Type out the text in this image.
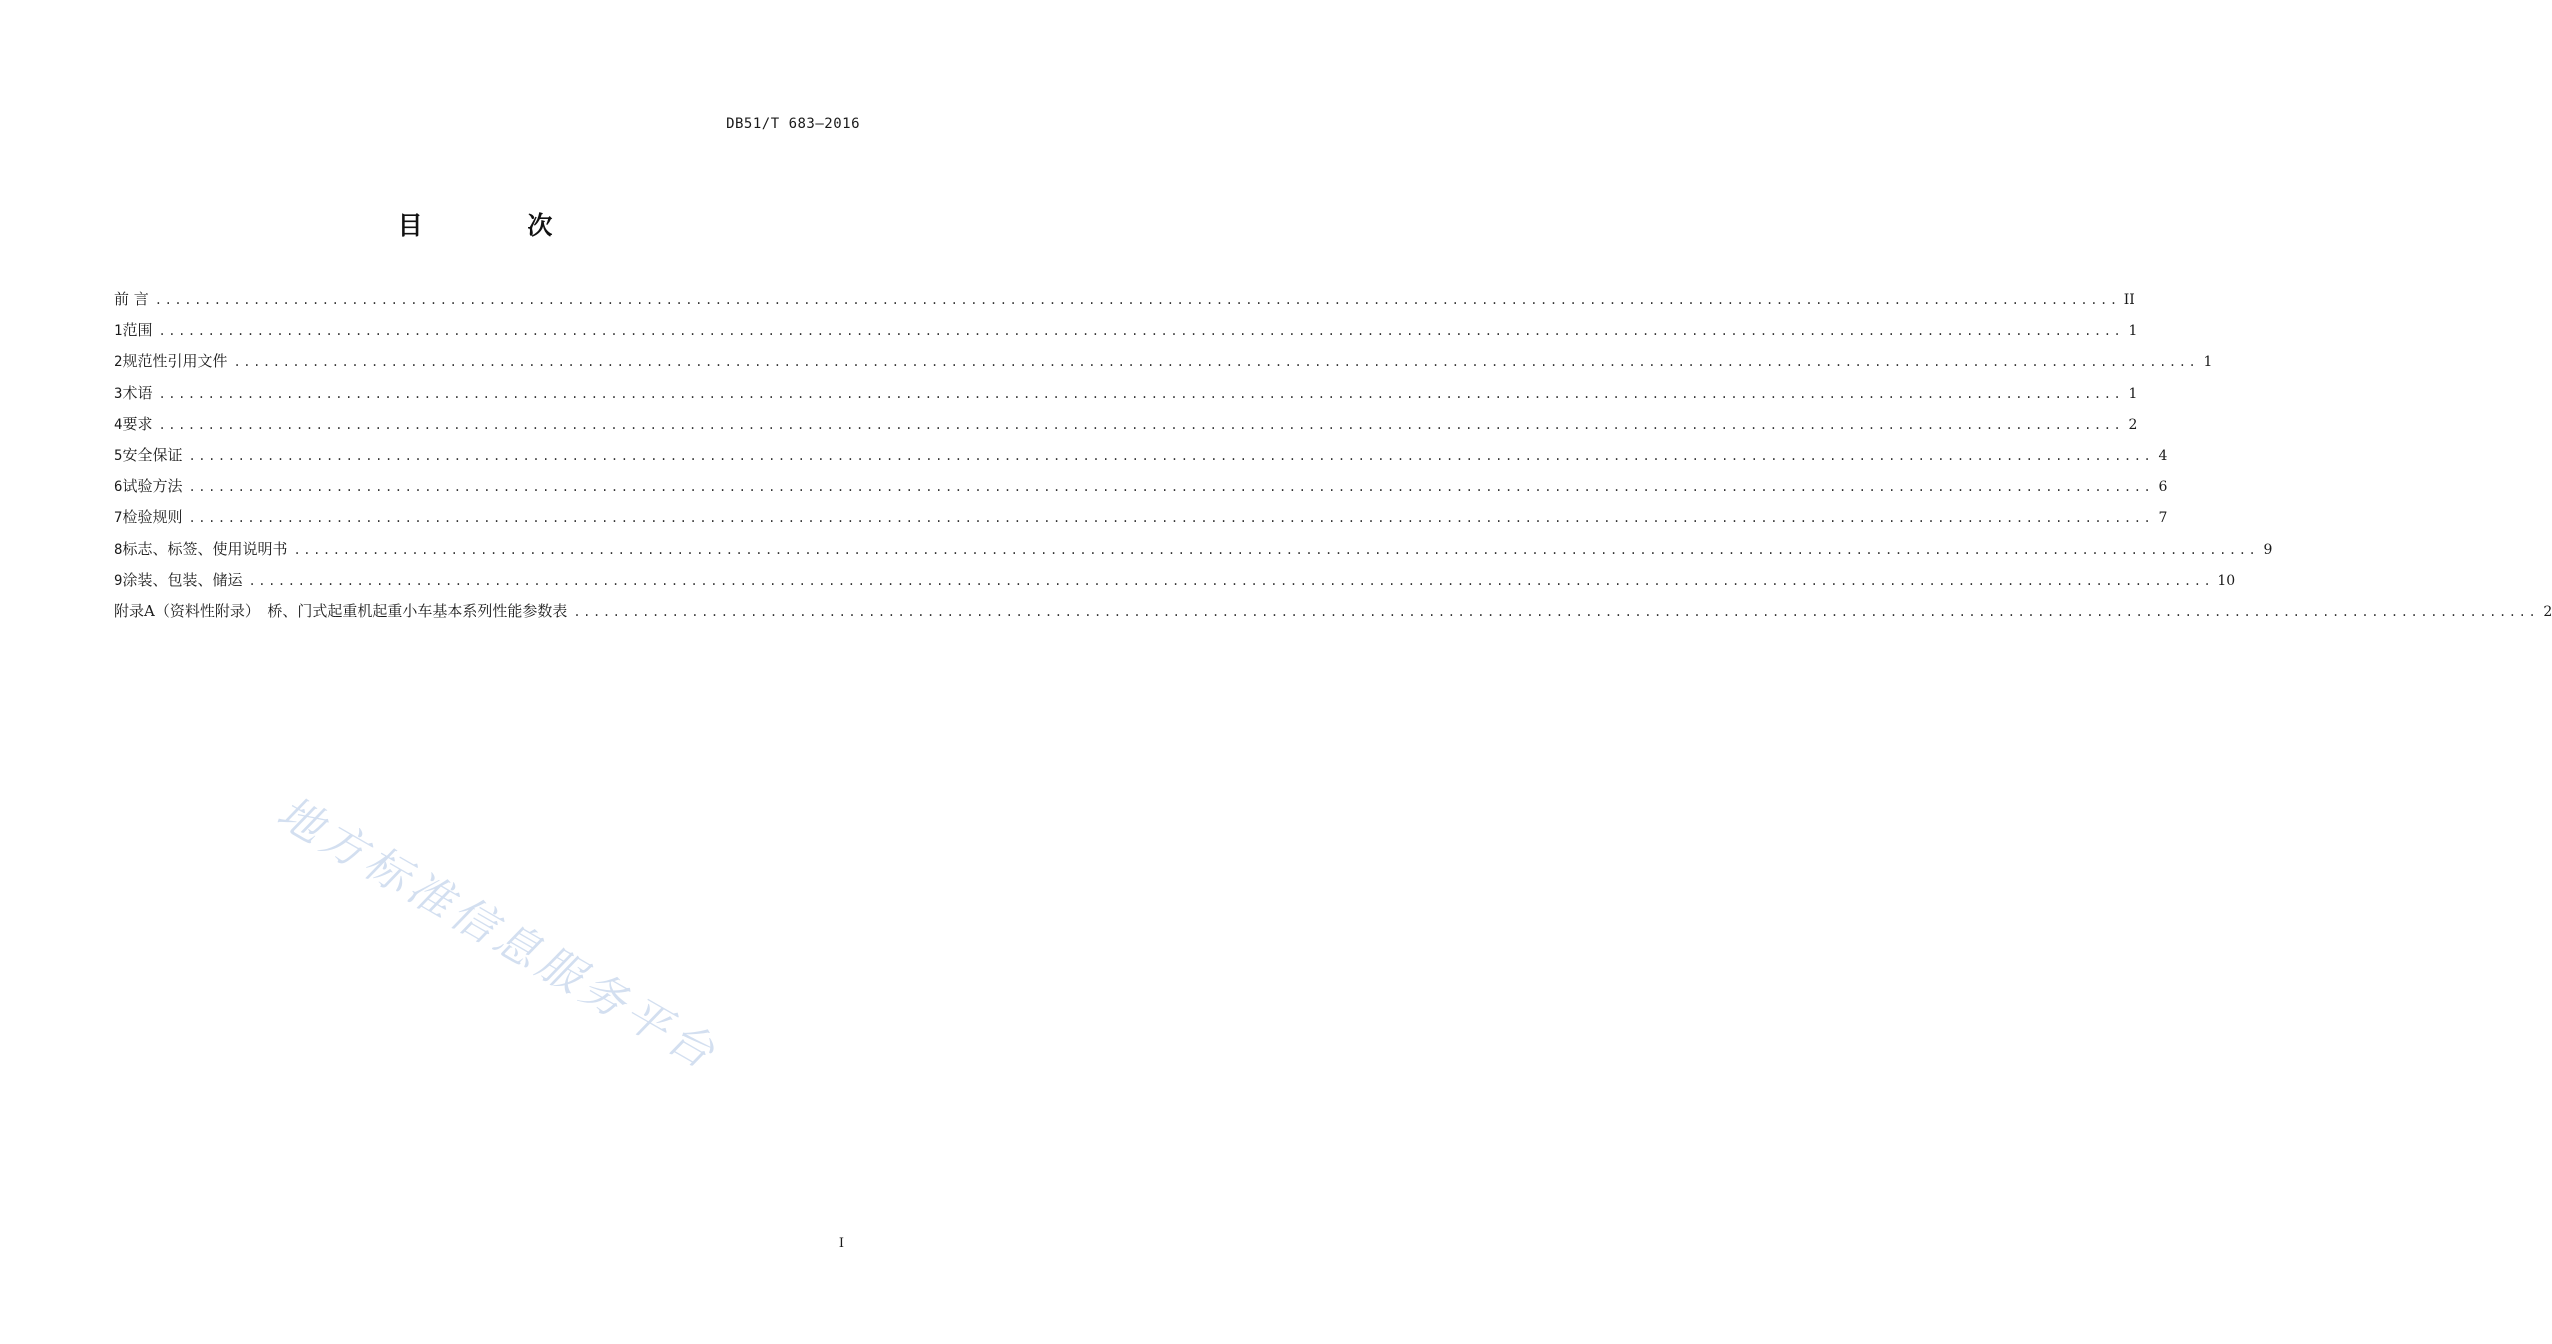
DB51/T 683—2016
目 次
前 言 ........................................................................................................................................................................................................ II
1 范围 ........................................................................................................................................................................................................ 1
2 规范性引用文件 ........................................................................................................................................................................................................ 1
3 术语 ........................................................................................................................................................................................................ 1
4 要求 ........................................................................................................................................................................................................ 2
5 安全保证 ........................................................................................................................................................................................................ 4
6 试验方法 ........................................................................................................................................................................................................ 6
7 检验规则 ........................................................................................................................................................................................................ 7
8 标志、标签、使用说明书 ........................................................................................................................................................................................................ 9
9 涂装、包装、储运 ........................................................................................................................................................................................................ 10
附录A（资料性附录）　桥、门式起重机起重小车基本系列性能参数表 ........................................................................................................................................................................................................ 2
地方标准信息服务平台
I
